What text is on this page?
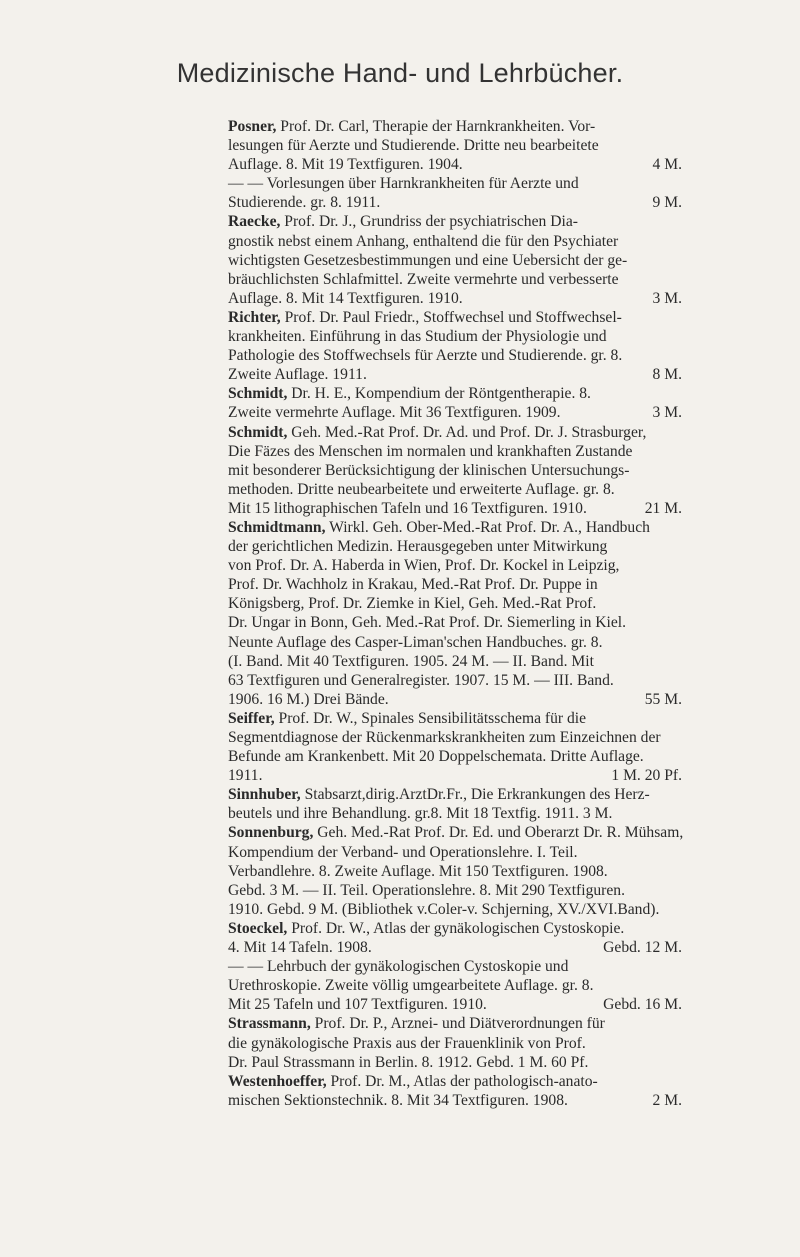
Medizinische Hand- und Lehrbücher.
Posner, Prof. Dr. Carl, Therapie der Harnkrankheiten. Vor-
lesungen für Aerzte und Studierende. Dritte neu bearbeitete
Auflage. 8. Mit 19 Textfiguren. 1904.	4 M.
— — Vorlesungen über Harnkrankheiten für Aerzte und
Studierende. gr. 8. 1911.	9 M.
Raecke, Prof. Dr. J., Grundriss der psychiatrischen Dia-
gnostik nebst einem Anhang, enthaltend die für den Psychiater
wichtigsten Gesetzesbestimmungen und eine Uebersicht der ge-
bräuchlichsten Schlafmittel. Zweite vermehrte und verbesserte
Auflage. 8. Mit 14 Textfiguren. 1910.	3 M.
Richter, Prof. Dr. Paul Friedr., Stoffwechsel und Stoffwechsel-
krankheiten. Einführung in das Studium der Physiologie und
Pathologie des Stoffwechsels für Aerzte und Studierende. gr. 8.
Zweite Auflage. 1911.	8 M.
Schmidt, Dr. H. E., Kompendium der Röntgentherapie. 8.
Zweite vermehrte Auflage. Mit 36 Textfiguren. 1909.	3 M.
Schmidt, Geh. Med.-Rat Prof. Dr. Ad. und Prof. Dr. J. Strasburger,
Die Fäzes des Menschen im normalen und krankhaften Zustande
mit besonderer Berücksichtigung der klinischen Untersuchungs-
methoden. Dritte neubearbeitete und erweiterte Auflage. gr. 8.
Mit 15 lithographischen Tafeln und 16 Textfiguren. 1910.	21 M.
Schmidtmann, Wirkl. Geh. Ober-Med.-Rat Prof. Dr. A., Handbuch
der gerichtlichen Medizin. Herausgegeben unter Mitwirkung
von Prof. Dr. A. Haberda in Wien, Prof. Dr. Kockel in Leipzig,
Prof. Dr. Wachholz in Krakau, Med.-Rat Prof. Dr. Puppe in
Königsberg, Prof. Dr. Ziemke in Kiel, Geh. Med.-Rat Prof.
Dr. Ungar in Bonn, Geh. Med.-Rat Prof. Dr. Siemerling in Kiel.
Neunte Auflage des Casper-Liman'schen Handbuches. gr. 8.
(I. Band. Mit 40 Textfiguren. 1905. 24 M. — II. Band. Mit
63 Textfiguren und Generalregister. 1907. 15 M. — III. Band.
1906. 16 M.) Drei Bände.	55 M.
Seiffer, Prof. Dr. W., Spinales Sensibilitätsschema für die
Segmentdiagnose der Rückenmarkskrankheiten zum Einzeichnen der
Befunde am Krankenbett. Mit 20 Doppelschemata. Dritte Auflage.
1911.	1 M. 20 Pf.
Sinnhuber, Stabsarzt,dirig.ArztDr.Fr., Die Erkrankungen des Herz-
beutels und ihre Behandlung. gr.8. Mit 18 Textfig. 1911. 3 M.
Sonnenburg, Geh. Med.-Rat Prof. Dr. Ed. und Oberarzt Dr. R. Mühsam,
Kompendium der Verband- und Operationslehre. I. Teil.
Verbandlehre. 8. Zweite Auflage. Mit 150 Textfiguren. 1908.
Gebd. 3 M. — II. Teil. Operationslehre. 8. Mit 290 Textfiguren.
1910. Gebd. 9 M. (Bibliothek v.Coler-v. Schjerning, XV./XVI.Band).
Stoeckel, Prof. Dr. W., Atlas der gynäkologischen Cystoskopie.
4. Mit 14 Tafeln. 1908.	Gebd. 12 M.
— — Lehrbuch der gynäkologischen Cystoskopie und
Urethroskopie. Zweite völlig umgearbeitete Auflage. gr. 8.
Mit 25 Tafeln und 107 Textfiguren. 1910.	Gebd. 16 M.
Strassmann, Prof. Dr. P., Arznei- und Diätverordnungen für
die gynäkologische Praxis aus der Frauenklinik von Prof.
Dr. Paul Strassmann in Berlin. 8. 1912. Gebd. 1 M. 60 Pf.
Westenhoeffer, Prof. Dr. M., Atlas der pathologisch-anato-
mischen Sektionstechnik. 8. Mit 34 Textfiguren. 1908.	2 M.
